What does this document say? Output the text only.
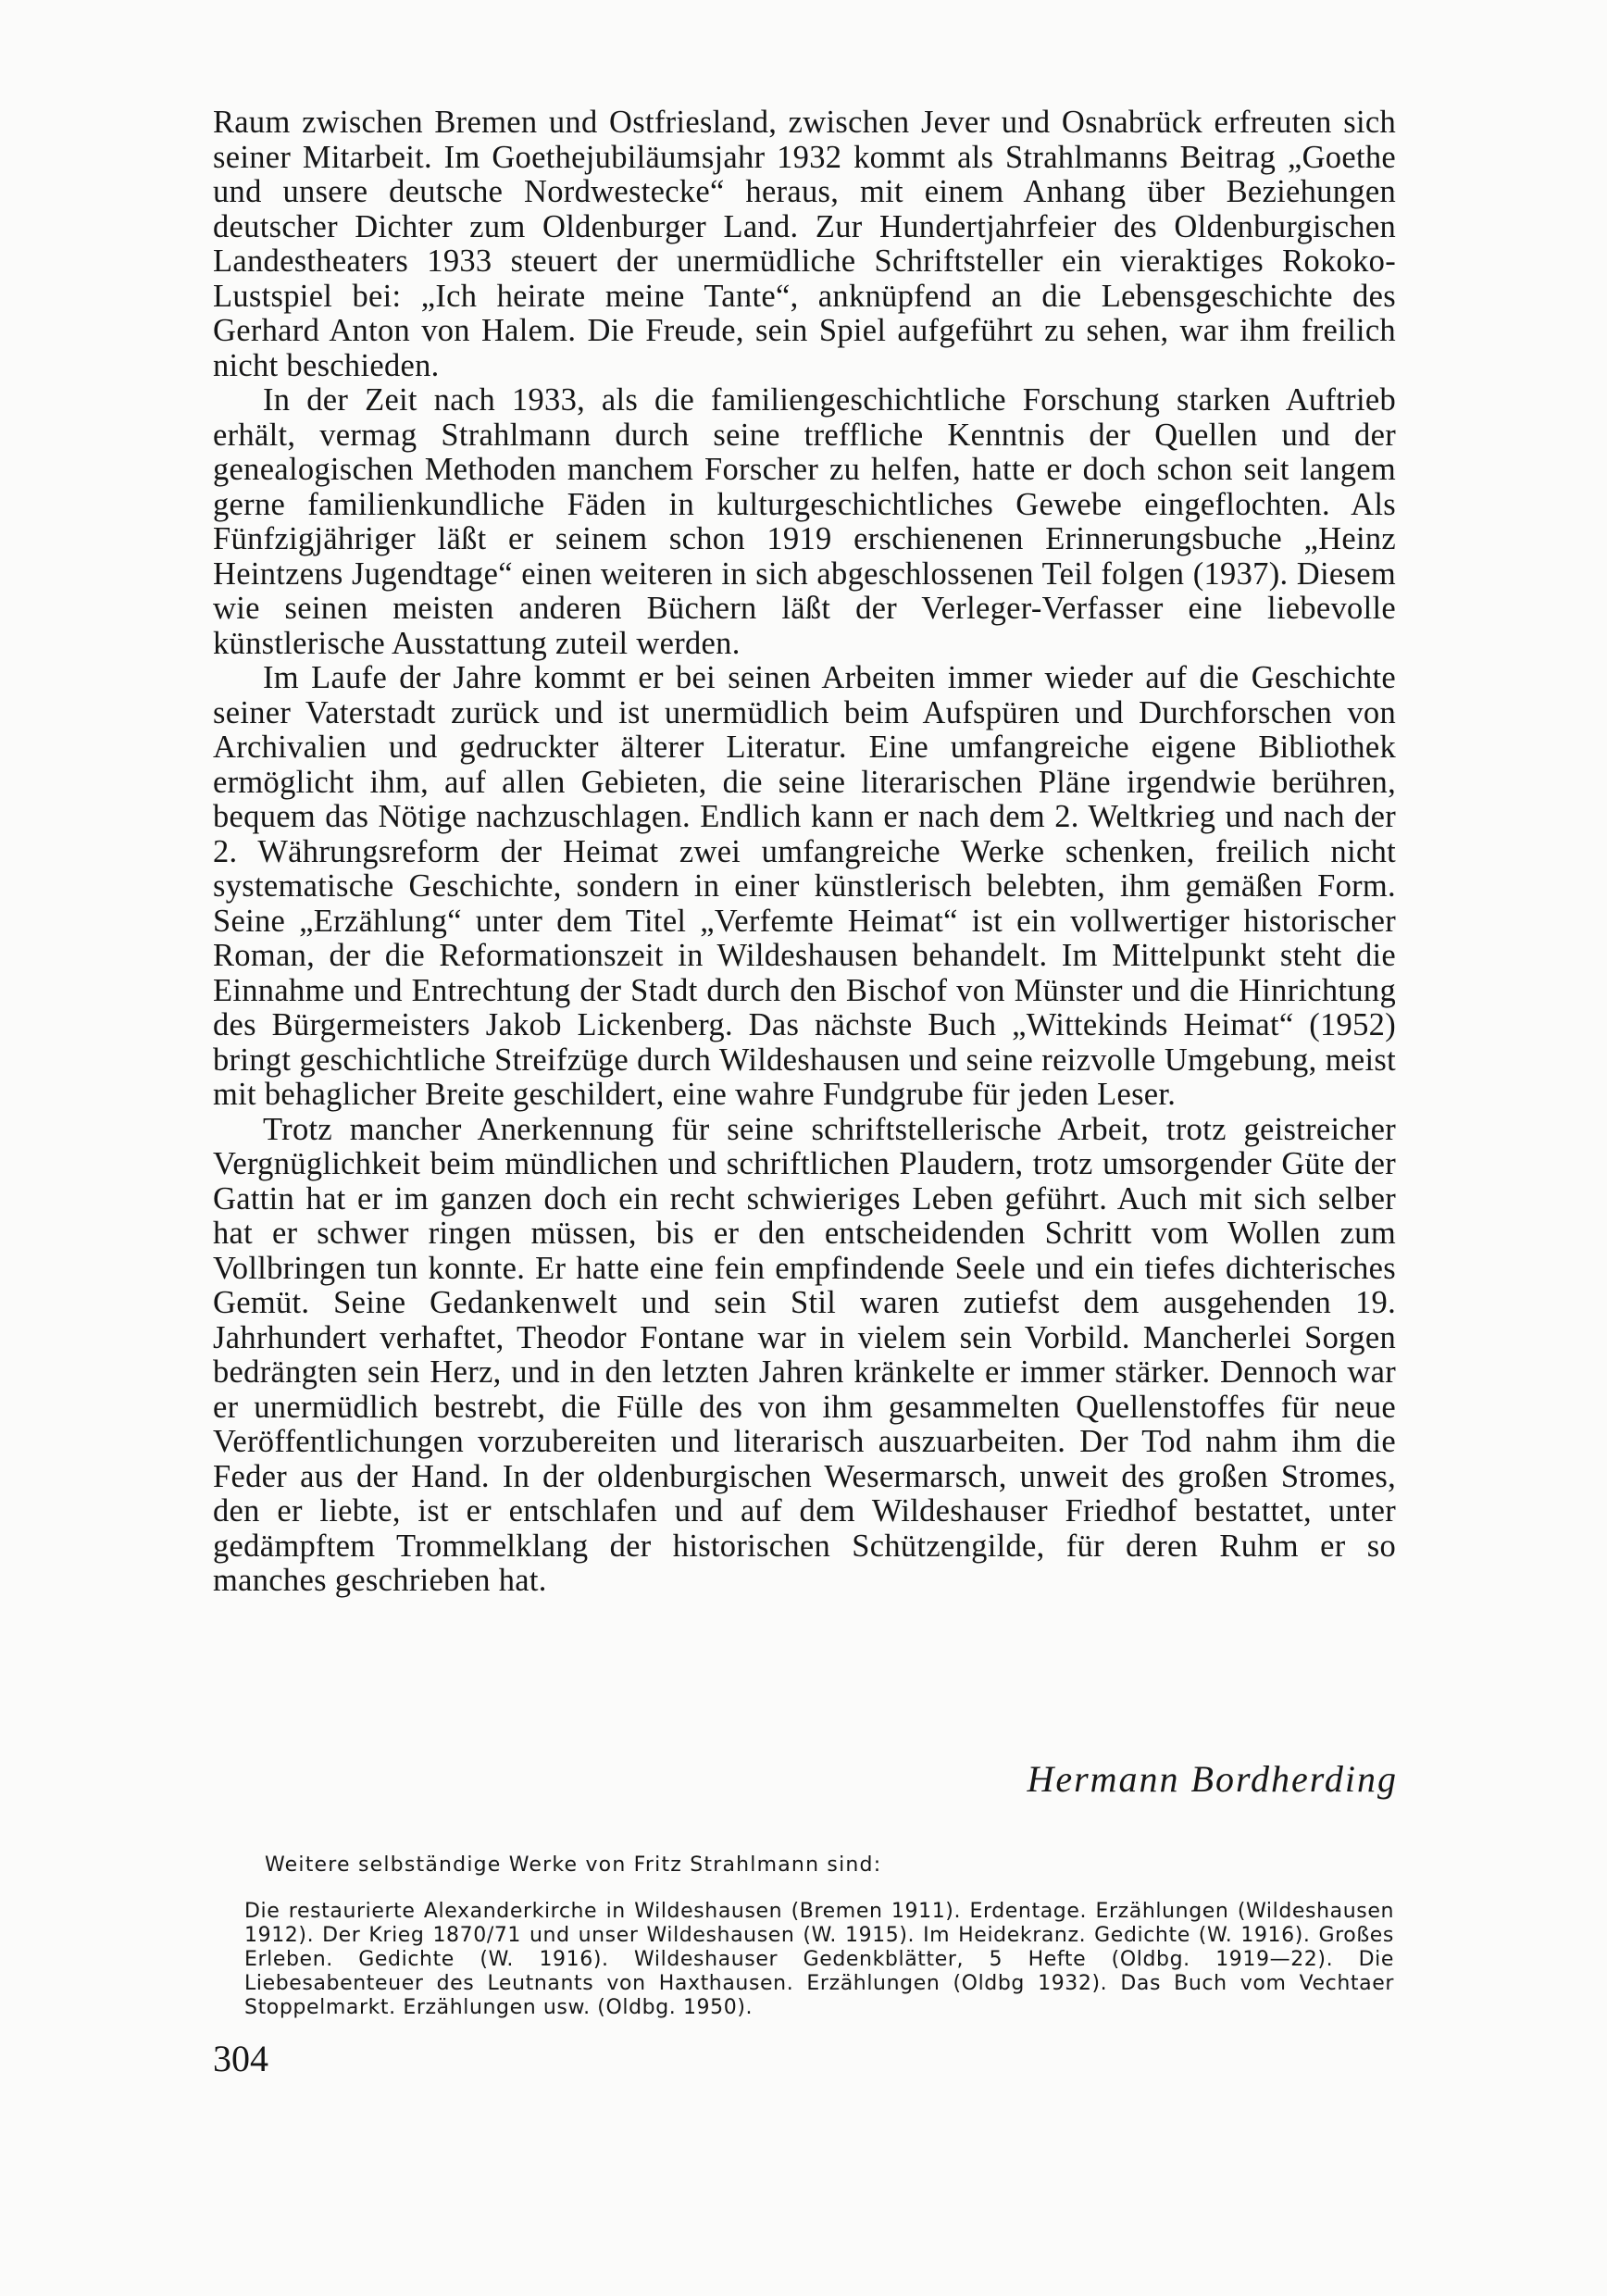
Raum zwischen Bremen und Ostfriesland, zwischen Jever und Osnabrück erfreuten sich seiner Mitarbeit. Im Goethejubiläumsjahr 1932 kommt als Strahlmanns Beitrag „Goethe und unsere deutsche Nordwestecke“ heraus, mit einem Anhang über Beziehungen deutscher Dichter zum Oldenburger Land. Zur Hundertjahrfeier des Oldenburgischen Landestheaters 1933 steuert der unermüdliche Schriftsteller ein vieraktiges Rokoko-Lustspiel bei: „Ich heirate meine Tante“, anknüpfend an die Lebensgeschichte des Gerhard Anton von Halem. Die Freude, sein Spiel aufgeführt zu sehen, war ihm freilich nicht beschieden.

In der Zeit nach 1933, als die familiengeschichtliche Forschung starken Auftrieb erhält, vermag Strahlmann durch seine treffliche Kenntnis der Quellen und der genealogischen Methoden manchem Forscher zu helfen, hatte er doch schon seit langem gerne familienkundliche Fäden in kulturgeschichtliches Gewebe eingeflochten. Als Fünfzigjähriger läßt er seinem schon 1919 erschienenen Erinnerungsbuche „Heinz Heintzens Jugendtage“ einen weiteren in sich abgeschlossenen Teil folgen (1937). Diesem wie seinen meisten anderen Büchern läßt der Verleger-Verfasser eine liebevolle künstlerische Ausstattung zuteil werden.

Im Laufe der Jahre kommt er bei seinen Arbeiten immer wieder auf die Geschichte seiner Vaterstadt zurück und ist unermüdlich beim Aufspüren und Durchforschen von Archivalien und gedruckter älterer Literatur. Eine umfangreiche eigene Bibliothek ermöglicht ihm, auf allen Gebieten, die seine literarischen Pläne irgendwie berühren, bequem das Nötige nachzuschlagen. Endlich kann er nach dem 2. Weltkrieg und nach der 2. Währungsreform der Heimat zwei umfangreiche Werke schenken, freilich nicht systematische Geschichte, sondern in einer künstlerisch belebten, ihm gemäßen Form. Seine „Erzählung“ unter dem Titel „Verfemte Heimat“ ist ein vollwertiger historischer Roman, der die Reformationszeit in Wildeshausen behandelt. Im Mittelpunkt steht die Einnahme und Entrechtung der Stadt durch den Bischof von Münster und die Hinrichtung des Bürgermeisters Jakob Lickenberg. Das nächste Buch „Wittekinds Heimat“ (1952) bringt geschichtliche Streifzüge durch Wildeshausen und seine reizvolle Umgebung, meist mit behaglicher Breite geschildert, eine wahre Fundgrube für jeden Leser.

Trotz mancher Anerkennung für seine schriftstellerische Arbeit, trotz geistreicher Vergnüglichkeit beim mündlichen und schriftlichen Plaudern, trotz umsorgender Güte der Gattin hat er im ganzen doch ein recht schwieriges Leben geführt. Auch mit sich selber hat er schwer ringen müssen, bis er den entscheidenden Schritt vom Wollen zum Vollbringen tun konnte. Er hatte eine fein empfindende Seele und ein tiefes dichterisches Gemüt. Seine Gedankenwelt und sein Stil waren zutiefst dem ausgehenden 19. Jahrhundert verhaftet, Theodor Fontane war in vielem sein Vorbild. Mancherlei Sorgen bedrängten sein Herz, und in den letzten Jahren kränkelte er immer stärker. Dennoch war er unermüdlich bestrebt, die Fülle des von ihm gesammelten Quellenstoffes für neue Veröffentlichungen vorzubereiten und literarisch auszuarbeiten. Der Tod nahm ihm die Feder aus der Hand. In der oldenburgischen Wesermarsch, unweit des großen Stromes, den er liebte, ist er entschlafen und auf dem Wildeshauser Friedhof bestattet, unter gedämpftem Trommelklang der historischen Schützengilde, für deren Ruhm er so manches geschrieben hat.

Hermann Bordherding
Weitere selbständige Werke von Fritz Strahlmann sind:

Die restaurierte Alexanderkirche in Wildeshausen (Bremen 1911). Erdentage. Erzählungen (Wildeshausen 1912). Der Krieg 1870/71 und unser Wildeshausen (W. 1915). Im Heidekranz. Gedichte (W. 1916). Großes Erleben. Gedichte (W. 1916). Wildeshauser Gedenkblätter, 5 Hefte (Oldbg. 1919—22). Die Liebesabenteuer des Leutnants von Haxthausen. Erzählungen (Oldbg 1932). Das Buch vom Vechtaer Stoppelmarkt. Erzählungen usw. (Oldbg. 1950).

304
